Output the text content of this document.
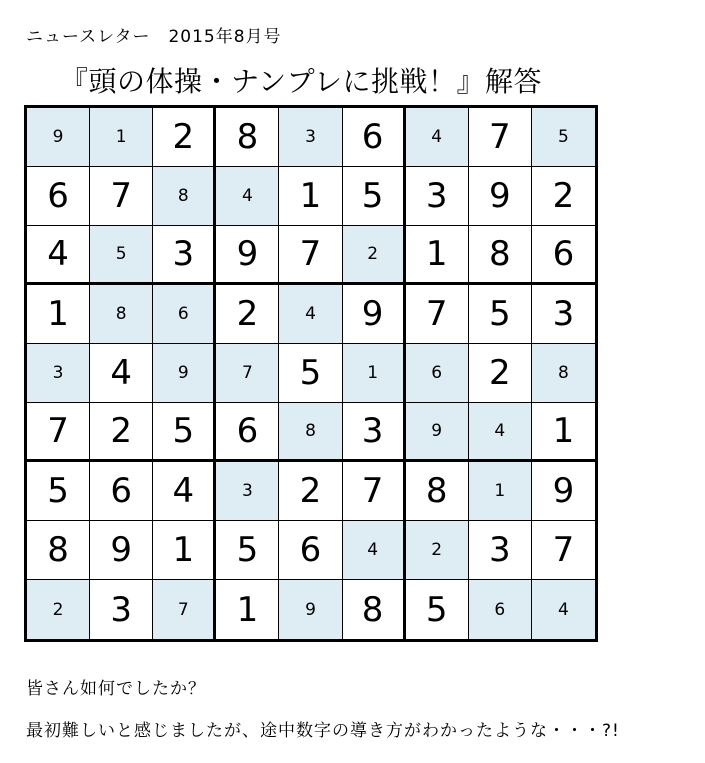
ニュースレター　2015年8月号
『頭の体操・ナンプレに挑戦！』解答
9	1 2 8	3 6	4 7	5
6 7	8	4 1 5 3 9 2
4	5 3 9 7	2 1 8 6
1	8	6 2	4 9 7 5 3
3 4	9	7 5	1	6 2	8
7 2 5 6	8 3	9	4 1
5 6 4	3 2 7 8	1 9
8 9 1 5 6	4	2 3 7
2 3	7 1	9 8 5	6	4
皆さん如何でしたか？
最初難しいと感じましたが、途中数字の導き方がわかったような・・・?!
